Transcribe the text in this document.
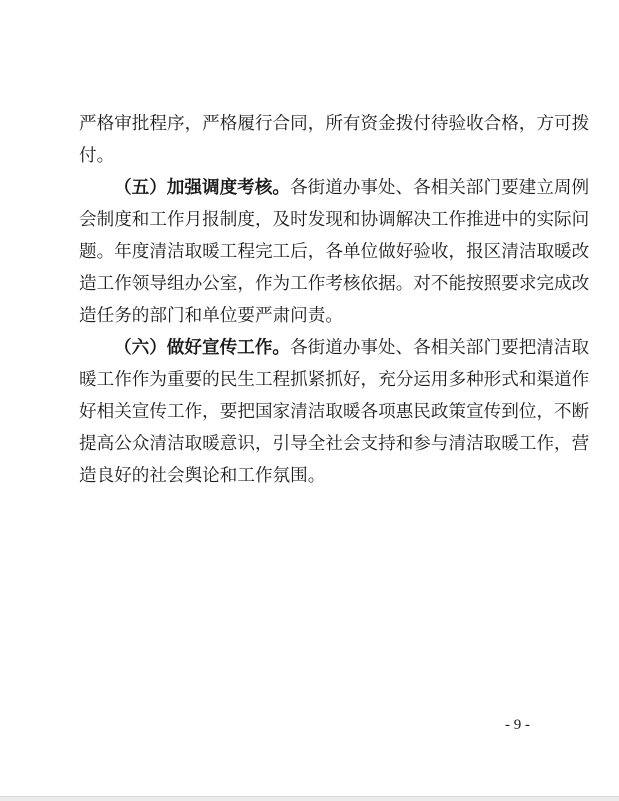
严格审批程序，严格履行合同，所有资金拨付待验收合格，方可拨
付。
（五）加强调度考核。各街道办事处、各相关部门要建立周例
会制度和工作月报制度，及时发现和协调解决工作推进中的实际问
题。年度清洁取暖工程完工后，各单位做好验收，报区清洁取暖改
造工作领导组办公室，作为工作考核依据。对不能按照要求完成改
造任务的部门和单位要严肃问责。
（六）做好宣传工作。各街道办事处、各相关部门要把清洁取
暖工作作为重要的民生工程抓紧抓好，充分运用多种形式和渠道作
好相关宣传工作，要把国家清洁取暖各项惠民政策宣传到位，不断
提高公众清洁取暖意识，引导全社会支持和参与清洁取暖工作，营
造良好的社会舆论和工作氛围。
- 9 -
